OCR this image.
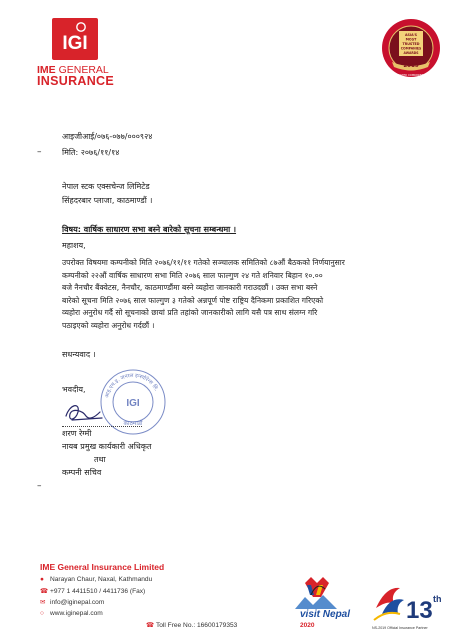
IGI
IME GENERAL
INSURANCE
ASIA'S
MOST
TRUSTED
COMPANIES
AWARDS
2019
MOST TRUSTED COMPANIES AWARDS
आइजीआई/०७६-०७७/०००९२४
–	मिति: २०७६/११/१४
नेपाल स्टक एक्सचेन्ज लिमिटेड
सिंहदरबार प्लाजा, काठमाण्डौं ।
विषय: वार्षिक साधारण सभा बस्ने बारेको सूचना सम्बन्धमा ।
महाशय,

उपरोक्त विषयमा कम्पनीको मिति २०७६/११/११ गतेको सञ्चालक समितिको ८७औं बैठकको निर्णयानुसार

कम्पनीको २२औं वार्षिक साधारण सभा मिति २०७६ साल फाल्गुण २४ गते शनिवार बिहान १०.००

बजे नैनचौर बैंक्वेटस, नैनचौर, काठमाण्डौंमा बस्ने व्यहोरा जानकारी गराउदछौं । उक्त सभा बस्ने

बारेको सूचना मिति २०७६ साल फाल्गुण ३ गतेको अन्नपूर्ण पोष्ट राष्ट्रिय दैनिकमा प्रकाशित गरिएको

व्यहोरा अनुरोध गर्दै सो सूचनाको छायां प्रति तहांको जानकारीको लागि यसै पत्र साथ संलग्न गरि

पठाइएको व्यहोरा अनुरोध गर्दछौं ।

सधन्यवाद ।
भवदीय,
आइ.एम.इ. जनरल इन्स्योरेन्स लि.
IGI
काठमाडौं
शरण रेग्मी
नायब प्रमुख कार्यकारी अधिकृत
तथा
कम्पनी सचिव
–
IME General Insurance Limited
● Narayan Chaur, Naxal, Kathmandu
☎ +977 1 4411510 / 4411736 (Fax)
✉ info@iginepal.com
○ www.iginepal.com
☎ Toll Free No.: 16600179353
visit Nepal
2020
13 th
NS-2019 Official Insurance Partner
